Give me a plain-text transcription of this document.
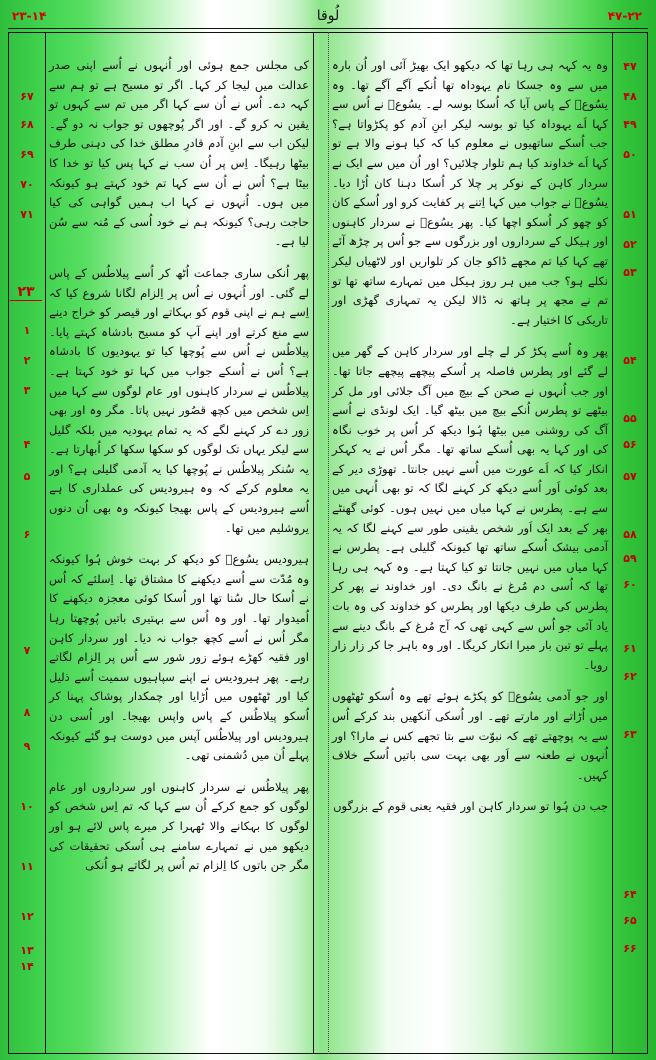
۲۳-۱۴	لُوقا	۴۷-۲۲

وہ یہ کہہ ہی رہا تھا کہ دیکھو ایک بھیڑ آئی اور اُن بارہ میں سے وہ جسکا نام یہوداہ تھا اُنکے آگے آگے تھا۔ وہ یسُوعؔ کے پاس آیا کہ اُسکا بوسہ لے۔ یسُوعؔ نے اُس سے کہا اَے یہوداہ کیا تو بوسہ لیکر ابنِ آدم کو پکڑواتا ہے؟ جب اُسکے ساتھیوں نے معلوم کیا کہ کیا ہونے والا ہے تو کہا اَے خداوند کیا ہم تلوار چلائیں؟ اور اُن میں سے ایک نے سردار کاہن کے نوکر پر چلا کر اُسکا دہنا کان اُڑا دیا۔ یسُوعؔ نے جواب میں کہا اِتنے پر کفایت کرو اور اُسکے کان کو چھو کر اُسکو اچھا کیا۔ پھر یسُوعؔ نے سردار کاہنوں اور ہیکل کے سرداروں اور بزرگوں سے جو اُس پر چڑھ آئے تھے کہا کیا تم مجھے ڈاکو جان کر تلواریں اور لاٹھیاں لیکر نکلے ہو؟ جب میں ہر روز ہیکل میں تمہارے ساتھ تھا تو تم نے مجھ پر ہاتھ نہ ڈالا لیکن یہ تمہاری گھڑی اور تاریکی کا اختیار ہے۔

پھر وہ اُسے پکڑ کر لے چلے اور سردار کاہن کے گھر میں لے گئے اور پطرس فاصلہ پر اُسکے پیچھے پیچھے جاتا تھا۔ اور جب اُنہوں نے صحن کے بیچ میں آگ جلائی اور مل کر بیٹھے تو پطرس اُنکے بیچ میں بیٹھ گیا۔ ایک لونڈی نے اُسے آگ کی روشنی میں بیٹھا ہُوا دیکھ کر اُس پر خوب نگاہ کی اور کہا یہ بھی اُسکے ساتھ تھا۔ مگر اُس نے یہ کہکر انکار کیا کہ اَے عورت میں اُسے نہیں جانتا۔ تھوڑی دیر کے بعد کوئی اَور اُسے دیکھ کر کہنے لگا کہ تو بھی اُنہی میں سے ہے۔ پطرس نے کہا میاں میں نہیں ہوں۔ کوئی گھنٹے بھر کے بعد ایک اَور شخص یقینی طور سے کہنے لگا کہ یہ آدمی بیشک اُسکے ساتھ تھا کیونکہ گلیلی ہے۔ پطرس نے کہا میاں میں نہیں جانتا تو کیا کہتا ہے۔ وہ کہہ ہی رہا تھا کہ اُسی دم مُرغ نے بانگ دی۔ اور خداوند نے پھر کر پطرس کی طرف دیکھا اور پطرس کو خداوند کی وہ بات یاد آئی جو اُس سے کہی تھی کہ آج مُرغ کے بانگ دینے سے پہلے تو تین بار میرا انکار کریگا۔ اور وہ باہر جا کر زار زار رویا۔

اور جو آدمی یسُوعؔ کو پکڑے ہوئے تھے وہ اُسکو ٹھٹھوں میں اُڑاتے اور مارتے تھے۔ اور اُسکی آنکھیں بند کرکے اُس سے یہ پوچھتے تھے کہ نبوّت سے بتا تجھے کس نے مارا؟ اور اُنہوں نے طعنہ سے اَور بھی بہت سی باتیں اُسکے خلاف کہیں۔

جب دن ہُوا تو سردار کاہن اور فقیہ یعنی قوم کے بزرگوں

کی مجلس جمع ہوئی اور اُنہوں نے اُسے اپنی صدر عدالت میں لیجا کر کہا۔ اگر تو مسیح ہے تو ہم سے کہہ دے۔ اُس نے اُن سے کہا اگر میں تم سے کہوں تو یقین نہ کرو گے۔ اور اگر پُوچھوں تو جواب نہ دو گے۔ لیکن اب سے ابنِ آدم قادرِ مطلق خدا کی دہنی طرف بیٹھا رہیگا۔ اِس پر اُن سب نے کہا پس کیا تو خدا کا بیٹا ہے؟ اُس نے اُن سے کہا تم خود کہتے ہو کیونکہ میں ہوں۔ اُنہوں نے کہا اب ہمیں گواہی کی کیا حاجت رہی؟ کیونکہ ہم نے خود اُسی کے مُنہ سے سُن لیا ہے۔

پھر اُنکی ساری جماعت اُٹھ کر اُسے پیلاطُس کے پاس لے گئی۔ اور اُنہوں نے اُس پر اِلزام لگانا شروع کیا کہ اِسے ہم نے اپنی قوم کو بہکاتے اور قیصر کو خراج دینے سے منع کرتے اور اپنے آپ کو مسیح بادشاہ کہتے پایا۔ پیلاطُس نے اُس سے پُوچھا کیا تو یہودیوں کا بادشاہ ہے؟ اُس نے اُسکے جواب میں کہا تو خود کہتا ہے۔ پیلاطُس نے سردار کاہنوں اور عام لوگوں سے کہا میں اِس شخص میں کچھ قصُور نہیں پاتا۔ مگر وہ اور بھی زور دے کر کہنے لگے کہ یہ تمام یہودیہ میں بلکہ گلیل سے لیکر یہاں تک لوگوں کو سکھا سکھا کر اُبھارتا ہے۔ یہ سُنکر پیلاطُس نے پُوچھا کیا یہ آدمی گلیلی ہے؟ اور یہ معلوم کرکے کہ وہ ہیرودیس کی عملداری کا ہے اُسے ہیرودیس کے پاس بھیجا کیونکہ وہ بھی اُن دنوں یروشلیم میں تھا۔

ہیرودیس یسُوعؔ کو دیکھ کر بہت خوش ہُوا کیونکہ وہ مُدّت سے اُسے دیکھنے کا مشتاق تھا۔ اِسلئے کہ اُس نے اُسکا حال سُنا تھا اور اُسکا کوئی معجزہ دیکھنے کا اُمیدوار تھا۔ اور وہ اُس سے بہتیری باتیں پُوچھتا رہا مگر اُس نے اُسے کچھ جواب نہ دیا۔ اور سردار کاہن اور فقیہ کھڑے ہوئے زور شور سے اُس پر اِلزام لگاتے رہے۔ پھر ہیرودیس نے اپنے سپاہیوں سمیت اُسے ذلیل کیا اور ٹھٹھوں میں اُڑایا اور چمکدار پوشاک پہنا کر اُسکو پیلاطُس کے پاس واپس بھیجا۔ اور اُسی دن ہیرودیس اور پیلاطُس آپس میں دوست ہو گئے کیونکہ پہلے اُن میں دُشمنی تھی۔

پھر پیلاطُس نے سردار کاہنوں اور سرداروں اور عام لوگوں کو جمع کرکے اُن سے کہا کہ تم اِس شخص کو لوگوں کا بہکانے والا ٹھہرا کر میرے پاس لائے ہو اور دیکھو میں نے تمہارے سامنے ہی اُسکی تحقیقات کی مگر جن باتوں کا اِلزام تم اُس پر لگاتے ہو اُنکی

۲۳
۴۷
۴۸
۴۹
۵۰
۵۱
۵۲
۵۳
۵۴
۵۵
۵۶
۵۷
۵۸
۵۹
۶۰
۶۱
۶۲
۶۳
۶۴
۶۵
۶۶
۶۷
۶۸
۶۹
۷۰
۷۱
۱
۲
۳
۴
۵
۶
۷
۸
۹
۱۰
۱۱
۱۲
۱۳
۱۴
